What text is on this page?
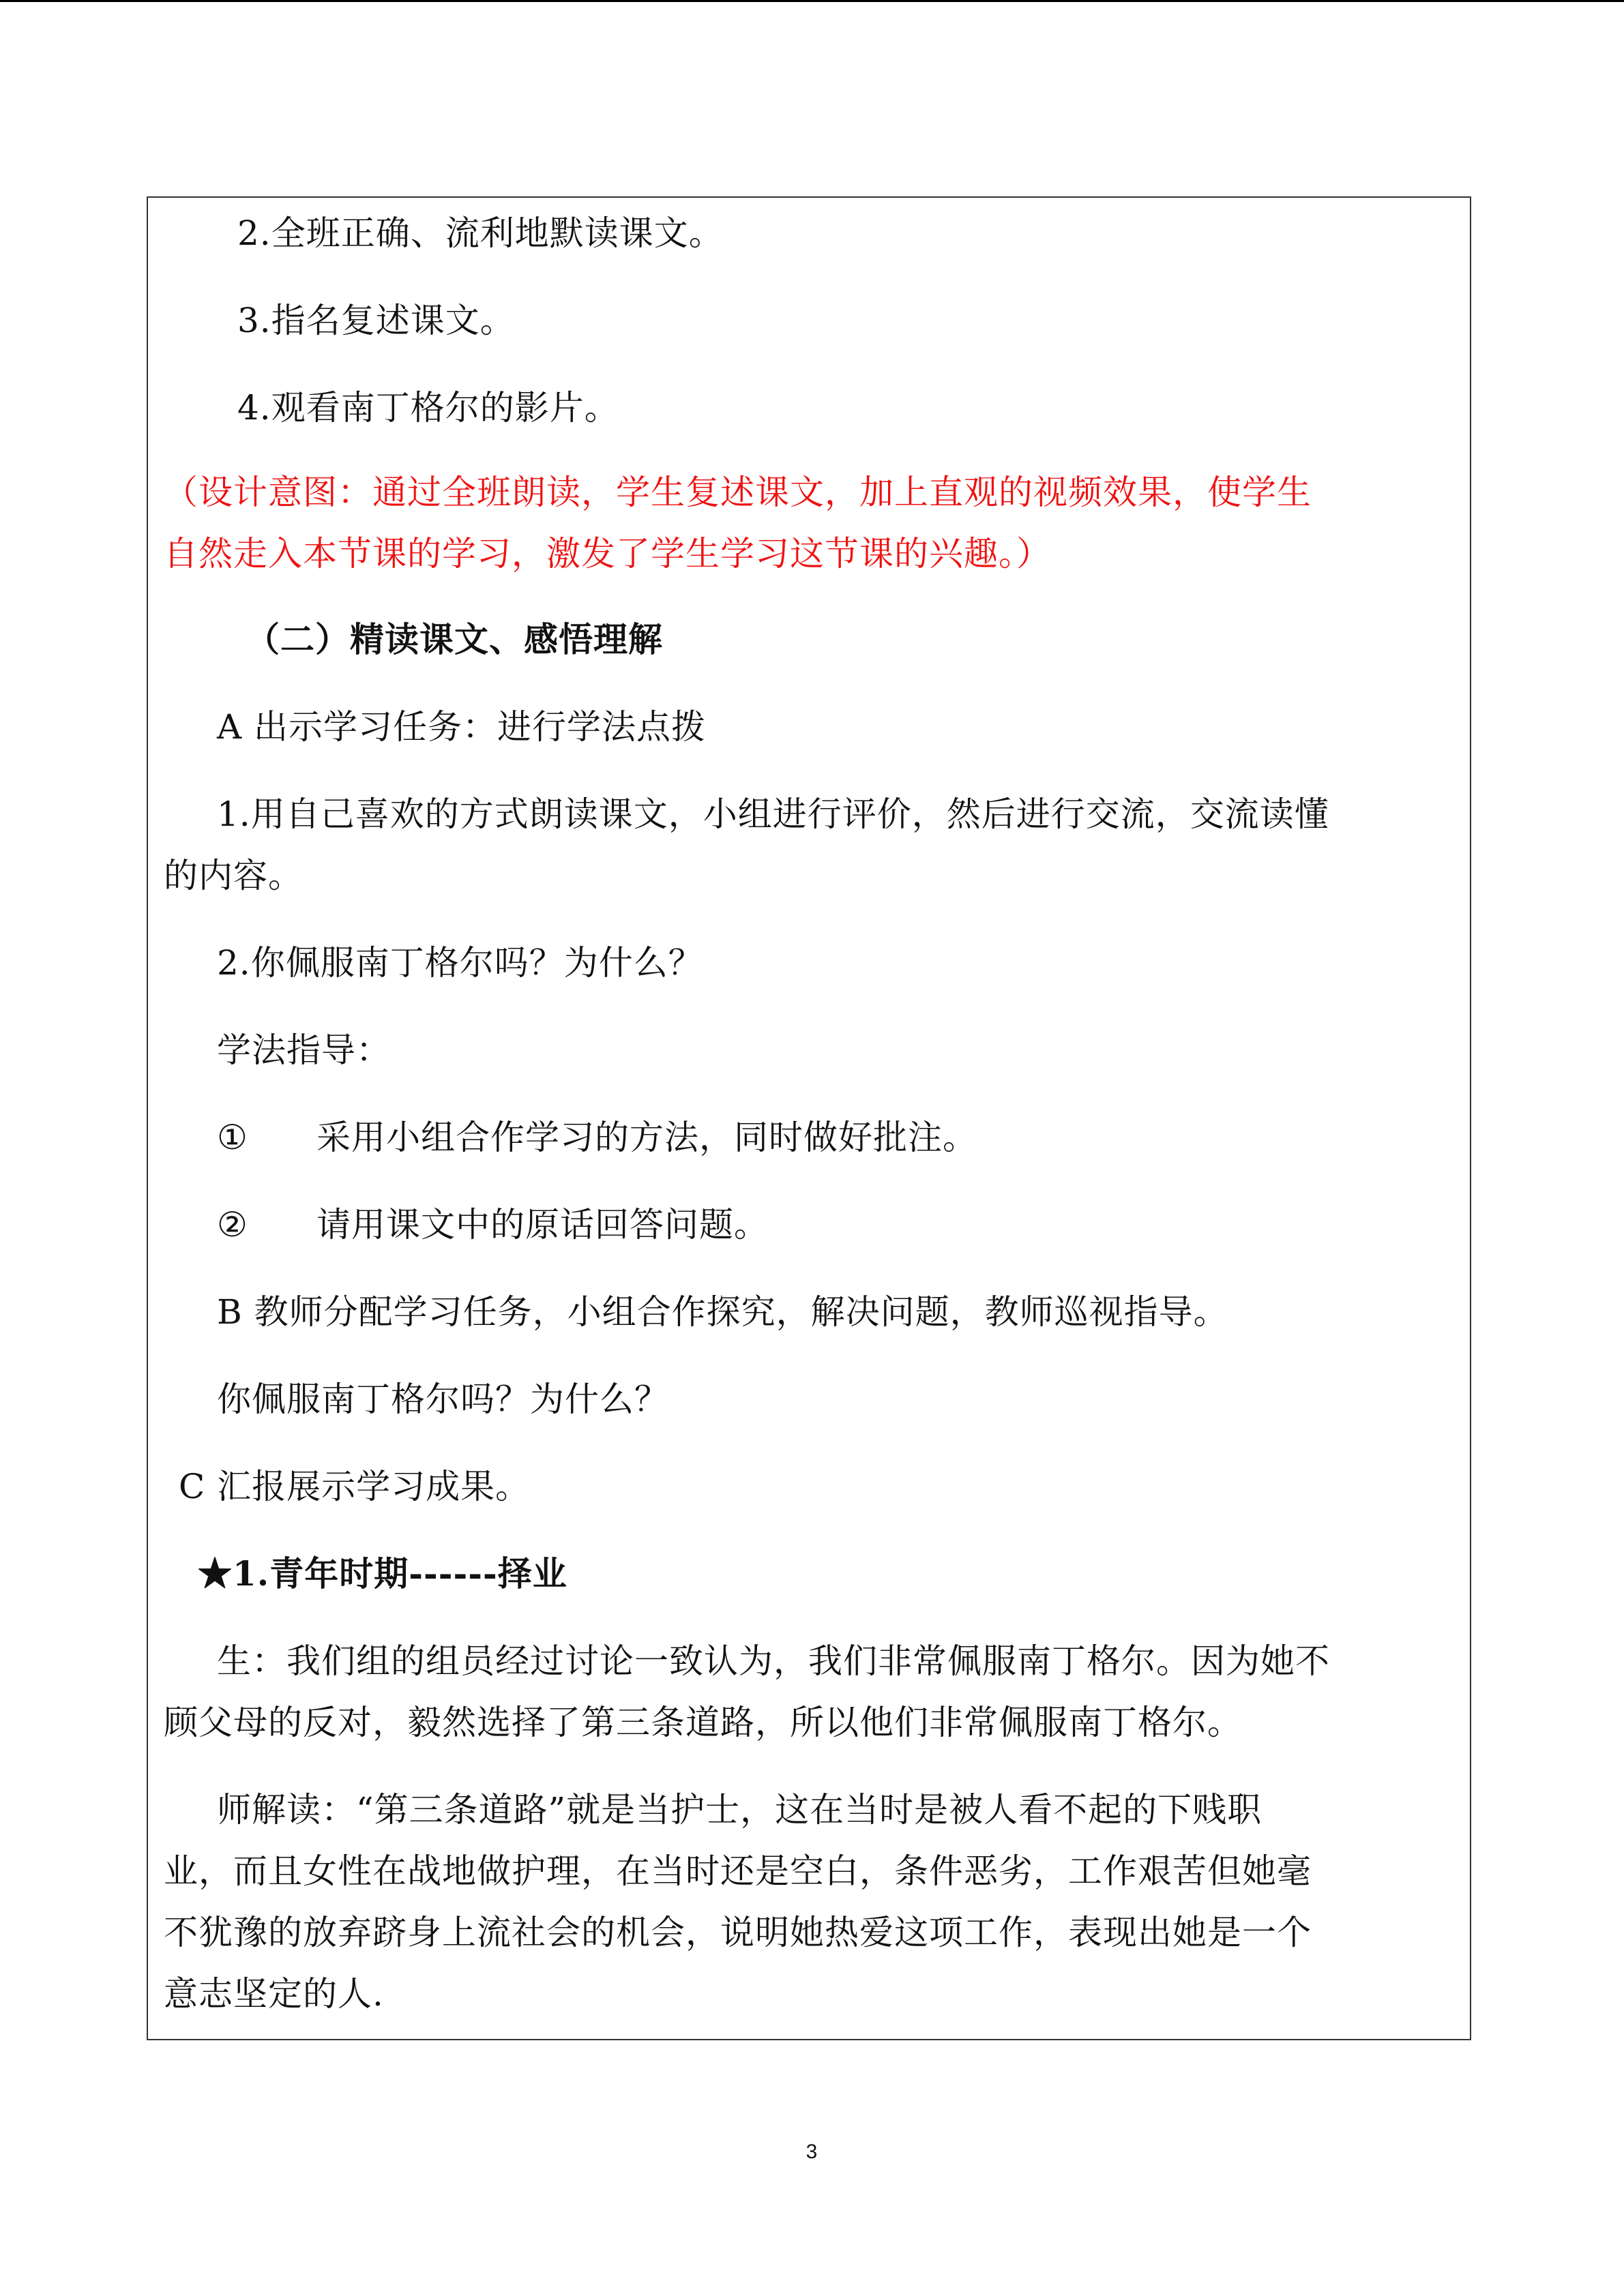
2.全班正确、流利地默读课文。
3.指名复述课文。
4.观看南丁格尔的影片。
（设计意图：通过全班朗读，学生复述课文，加上直观的视频效果，使学生
自然走入本节课的学习，激发了学生学习这节课的兴趣。）
（二）精读课文、感悟理解
A 出示学习任务：进行学法点拨
1.用自己喜欢的方式朗读课文，小组进行评价，然后进行交流，交流读懂
的内容。
2.你佩服南丁格尔吗？为什么？
学法指导：
① 采用小组合作学习的方法，同时做好批注。
② 请用课文中的原话回答问题。
B 教师分配学习任务，小组合作探究，解决问题，教师巡视指导。
你佩服南丁格尔吗？为什么？
C 汇报展示学习成果。
★1.青年时期------择业
生：我们组的组员经过讨论一致认为，我们非常佩服南丁格尔。因为她不
顾父母的反对，毅然选择了第三条道路，所以他们非常佩服南丁格尔。
师解读：“第三条道路”就是当护士，这在当时是被人看不起的下贱职
业，而且女性在战地做护理，在当时还是空白，条件恶劣，工作艰苦但她毫
不犹豫的放弃跻身上流社会的机会，说明她热爱这项工作，表现出她是一个
意志坚定的人.
3
